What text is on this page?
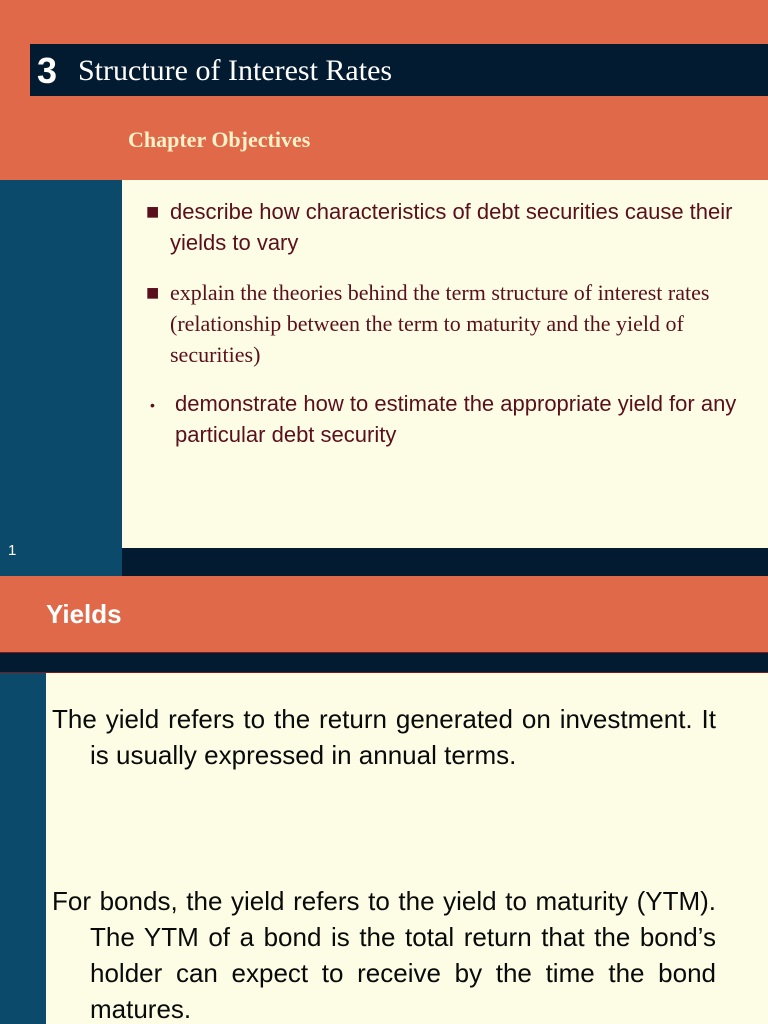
3 Structure of Interest Rates
Chapter Objectives
1
■ describe how characteristics of debt securities cause their yields to vary
■ explain the theories behind the term structure of interest rates (relationship between the term to maturity and the yield of securities)
• demonstrate how to estimate the appropriate yield for any particular debt security
Yields
The yield refers to the return generated on investment. It is usually expressed in annual terms.
For bonds, the yield refers to the yield to maturity (YTM). The YTM of a bond is the total return that the bond’s holder can expect to receive by the time the bond matures.
